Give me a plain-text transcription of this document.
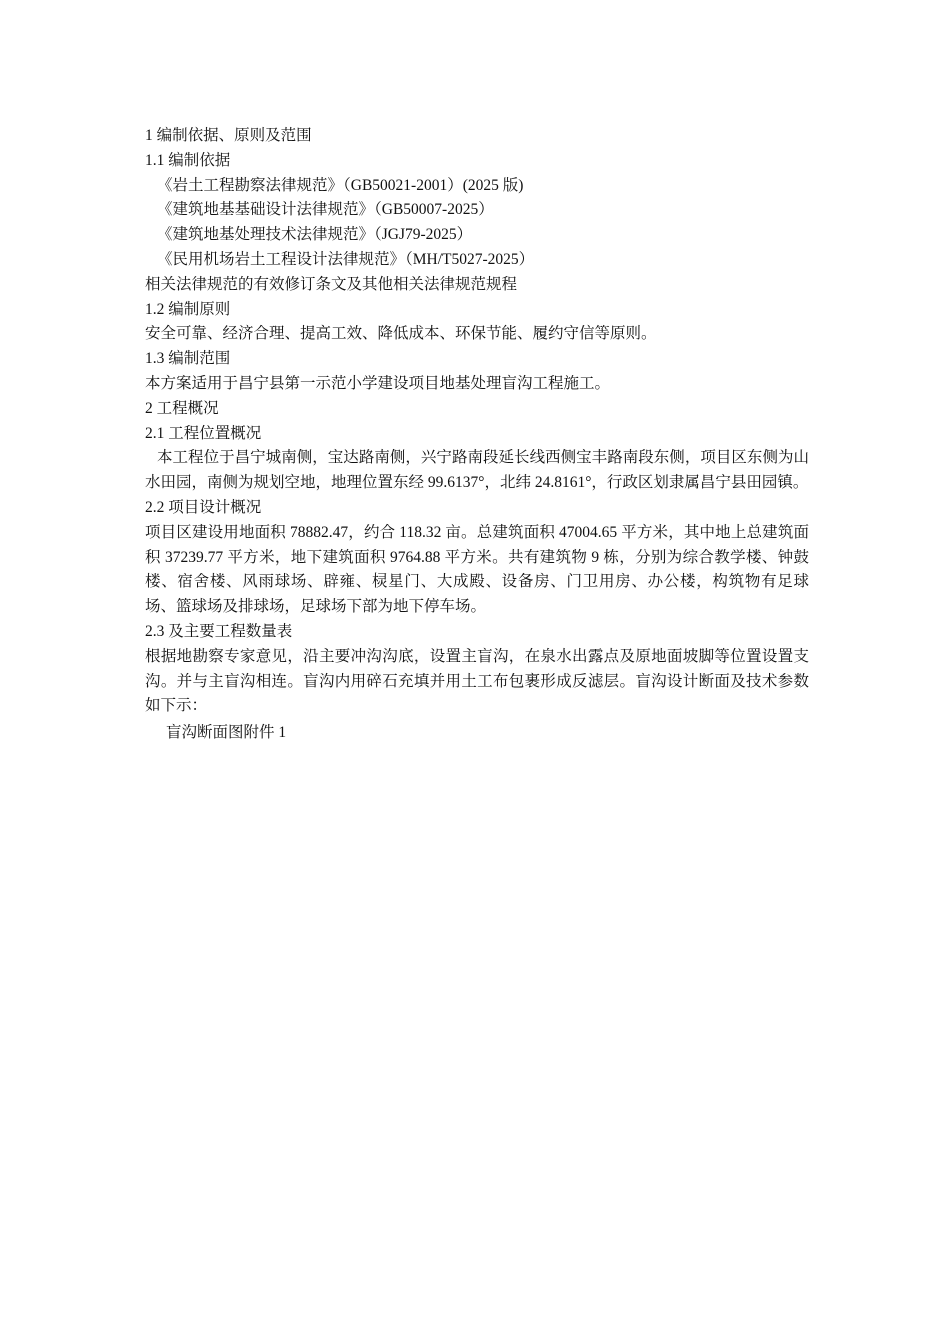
1 编制依据、原则及范围
1.1 编制依据
《岩土工程勘察法律规范》（GB50021-2001）(2025 版)
《建筑地基基础设计法律规范》（GB50007-2025）
《建筑地基处理技术法律规范》（JGJ79-2025）
《民用机场岩土工程设计法律规范》（MH/T5027-2025）
相关法律规范的有效修订条文及其他相关法律规范规程
1.2 编制原则
安全可靠、经济合理、提高工效、降低成本、环保节能、履约守信等原则。
1.3 编制范围
本方案适用于昌宁县第一示范小学建设项目地基处理盲沟工程施工。
2 工程概况
2.1 工程位置概况
本工程位于昌宁城南侧，宝达路南侧，兴宁路南段延长线西侧宝丰路南段东侧，项目区东侧为山水田园，南侧为规划空地，地理位置东经 99.6137°，北纬 24.8161°，行政区划隶属昌宁县田园镇。
2.2 项目设计概况
项目区建设用地面积 78882.47，约合 118.32 亩。总建筑面积 47004.65 平方米，其中地上总建筑面积 37239.77 平方米，地下建筑面积 9764.88 平方米。共有建筑物 9 栋，分别为综合教学楼、钟鼓楼、宿舍楼、风雨球场、辟雍、棂星门、大成殿、设备房、门卫用房、办公楼，构筑物有足球场、篮球场及排球场，足球场下部为地下停车场。
2.3 及主要工程数量表
根据地勘察专家意见，沿主要冲沟沟底，设置主盲沟，在泉水出露点及原地面坡脚等位置设置支沟。并与主盲沟相连。盲沟内用碎石充填并用土工布包裹形成反滤层。盲沟设计断面及技术参数如下示：
盲沟断面图附件 1
